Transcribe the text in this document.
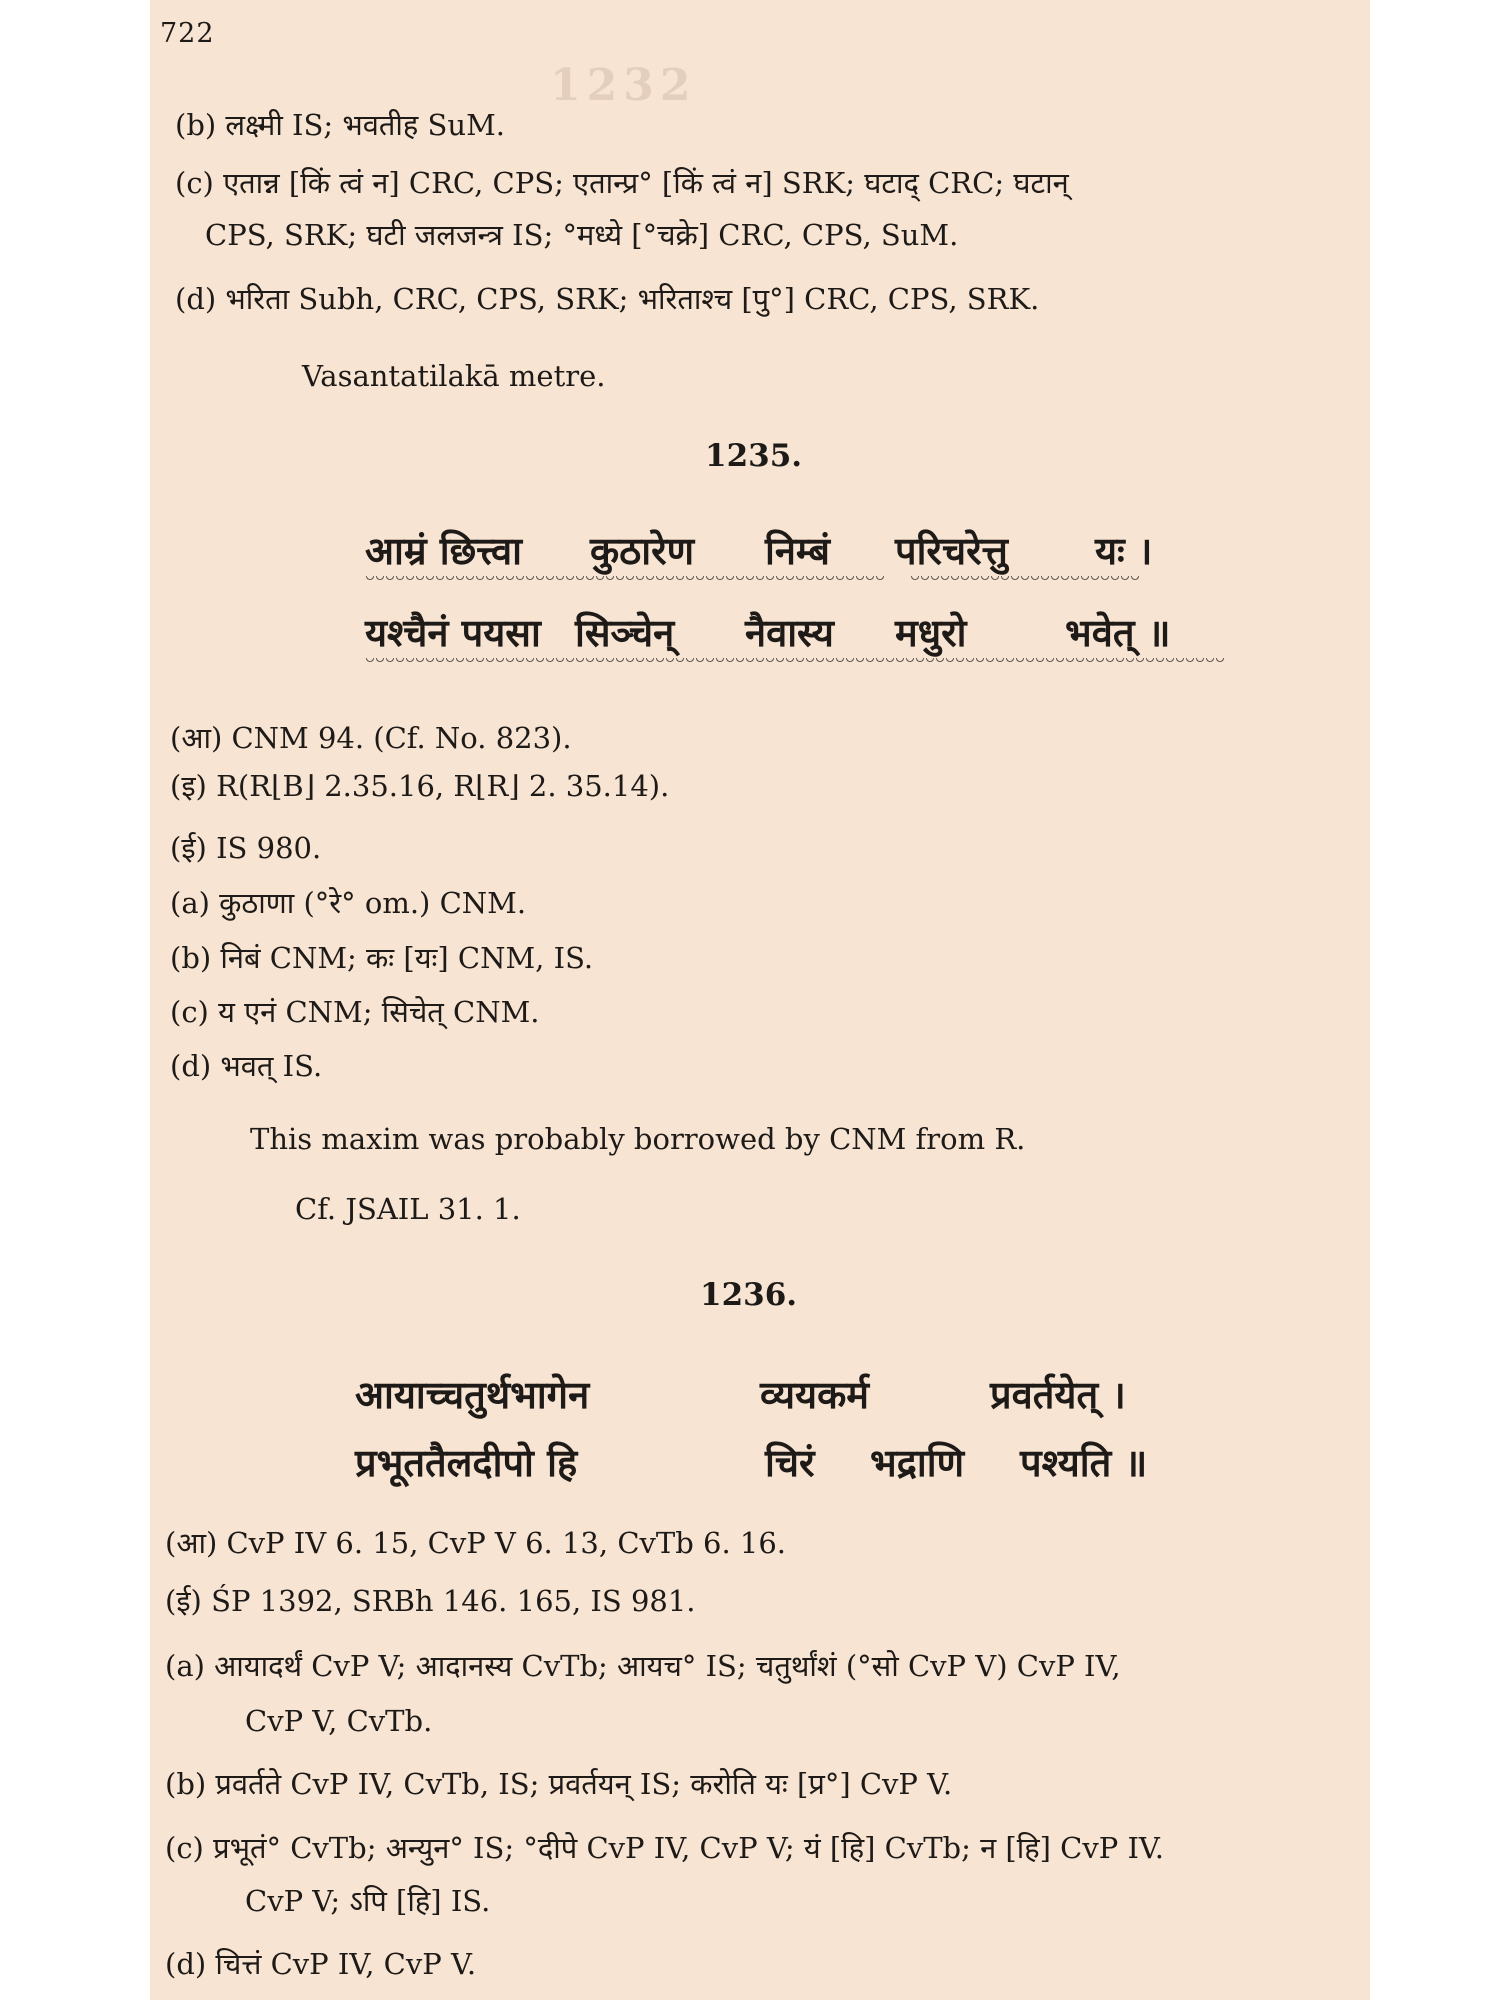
722
1232
(b) लक्ष्मी IS; भवतीह SuM.
(c) एतान्न [किं त्वं न] CRC, CPS; एतान्प्र° [किं त्वं न] SRK; घटाद् CRC; घटान्
CPS, SRK; घटी जलजन्त्र IS; °मध्ये [°चक्रे] CRC, CPS, SuM.
(d) भरिता Subh, CRC, CPS, SRK; भरिताश्च [पु°] CRC, CPS, SRK.
Vasantatilakā metre.
1235.
आम्रं छित्त्वा कुठारेण निम्बं परिचरेत्तु यः ।
यश्चैनं पयसा सिञ्चेन् नैवास्य मधुरो	भवेत् ॥
(आ) CNM 94. (Cf. No. 823).
(इ) R(R⌊B⌋ 2.35.16, R⌊R⌋ 2. 35.14).
(ई) IS 980.
(a) कुठाणा (°रे° om.) CNM.
(b) निबं CNM; कः [यः] CNM, IS.
(c) य एनं CNM; सिचेत् CNM.
(d) भवत् IS.
This maxim was probably borrowed by CNM from R.
Cf. JSAIL 31. 1.
1236.
आयाच्चतुर्थभागेन	व्ययकर्म	प्रवर्तयेत् ।
प्रभूततैलदीपो हि	चिरं भद्राणि पश्यति ॥
(आ) CvP IV 6. 15, CvP V 6. 13, CvTb 6. 16.
(ई) ŚP 1392, SRBh 146. 165, IS 981.
(a) आयादर्थं CvP V; आदानस्य CvTb; आयच° IS; चतुर्थांशं (°सो CvP V) CvP IV,
CvP V, CvTb.
(b) प्रवर्तते CvP IV, CvTb, IS; प्रवर्तयन् IS; करोति यः [प्र°] CvP V.
(c) प्रभूतं° CvTb; अन्युन° IS; °दीपे CvP IV, CvP V; यं [हि] CvTb; न [हि] CvP IV.
CvP V; ऽपि [हि] IS.
(d) चित्तं CvP IV, CvP V.
